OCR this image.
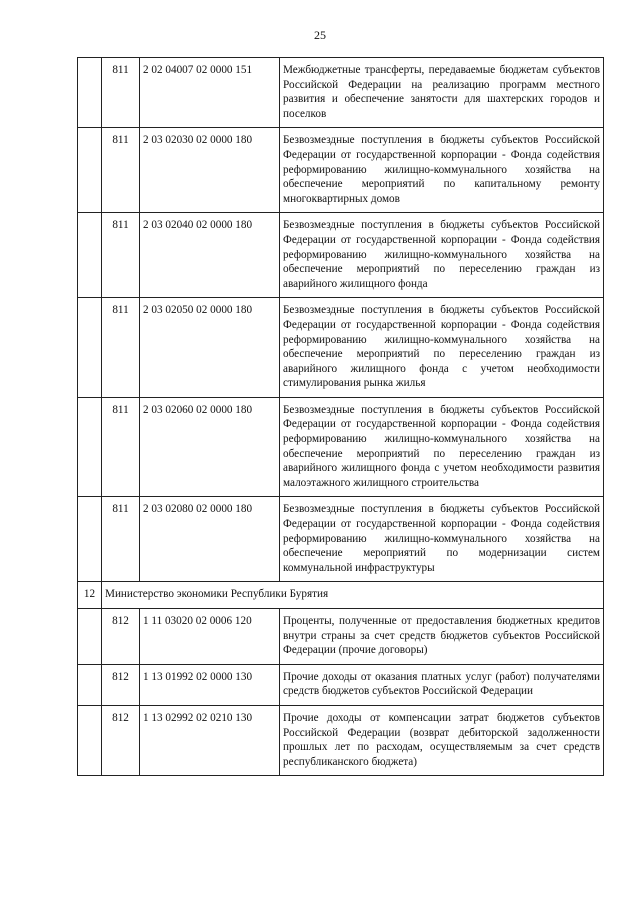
25
	811	2 02 04007 02 0000 151	Межбюджетные трансферты, передаваемые бюджетам субъектов Российской Федерации на реализацию программ местного развития и обеспечение занятости для шахтерских городов и поселков
	811	2 03 02030 02 0000 180	Безвозмездные поступления в бюджеты субъектов Российской Федерации от государственной корпорации - Фонда содействия реформированию жилищно-коммунального хозяйства на обеспечение мероприятий по капитальному ремонту многоквартирных домов
	811	2 03 02040 02 0000 180	Безвозмездные поступления в бюджеты субъектов Российской Федерации от государственной корпорации - Фонда содействия реформированию жилищно-коммунального хозяйства на обеспечение мероприятий по переселению граждан из аварийного жилищного фонда
	811	2 03 02050 02 0000 180	Безвозмездные поступления в бюджеты субъектов Российской Федерации от государственной корпорации - Фонда содействия реформированию жилищно-коммунального хозяйства на обеспечение мероприятий по переселению граждан из аварийного жилищного фонда с учетом необходимости стимулирования рынка жилья
	811	2 03 02060 02 0000 180	Безвозмездные поступления в бюджеты субъектов Российской Федерации от государственной корпорации - Фонда содействия реформированию жилищно-коммунального хозяйства на обеспечение мероприятий по переселению граждан из аварийного жилищного фонда с учетом необходимости развития малоэтажного жилищного строительства
	811	2 03 02080 02 0000 180	Безвозмездные поступления в бюджеты субъектов Российской Федерации от государственной корпорации - Фонда содействия реформированию жилищно-коммунального хозяйства на обеспечение мероприятий по модернизации систем коммунальной инфраструктуры
12	Министерство экономики Республики Бурятия		
	812	1 11 03020 02 0006 120	Проценты, полученные от предоставления бюджетных кредитов внутри страны за счет средств бюджетов субъектов Российской Федерации (прочие договоры)
	812	1 13 01992 02 0000 130	Прочие доходы от оказания платных услуг (работ) получателями средств бюджетов субъектов Российской Федерации
	812	1 13 02992 02 0210 130	Прочие доходы от компенсации затрат бюджетов субъектов Российской Федерации (возврат дебиторской задолженности прошлых лет по расходам, осуществляемым за счет средств республиканского бюджета)
